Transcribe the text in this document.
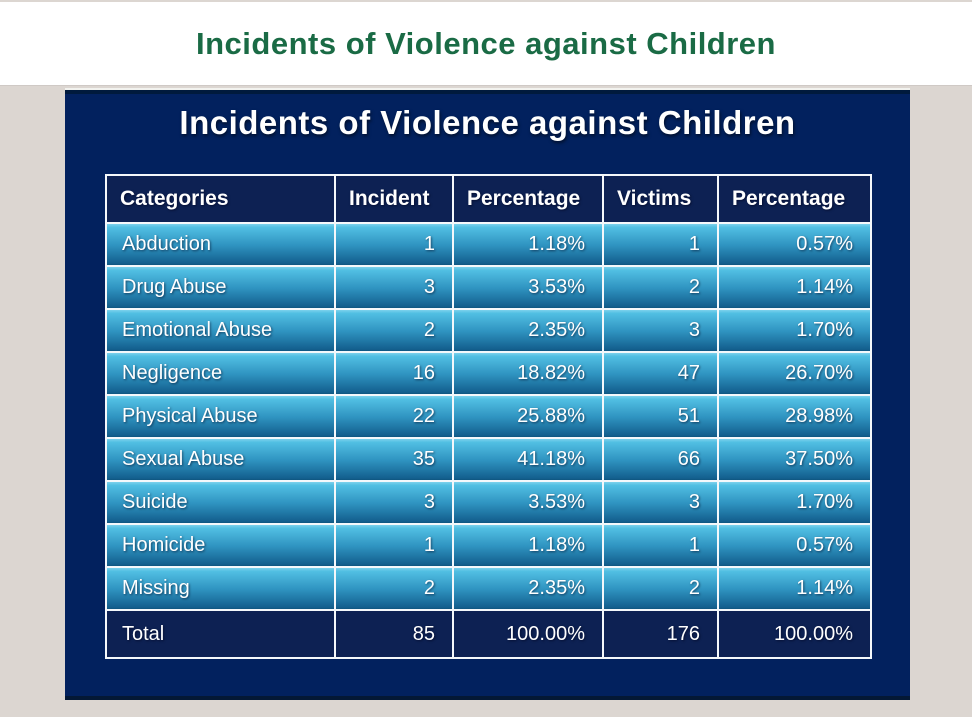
Incidents of Violence against Children
Incidents of Violence against Children
Categories	Incident	Percentage	Victims	Percentage
Abduction	1	1.18%	1	0.57%
Drug Abuse	3	3.53%	2	1.14%
Emotional Abuse	2	2.35%	3	1.70%
Negligence	16	18.82%	47	26.70%
Physical Abuse	22	25.88%	51	28.98%
Sexual Abuse	35	41.18%	66	37.50%
Suicide	3	3.53%	3	1.70%
Homicide	1	1.18%	1	0.57%
Missing	2	2.35%	2	1.14%
Total	85	100.00%	176	100.00%
